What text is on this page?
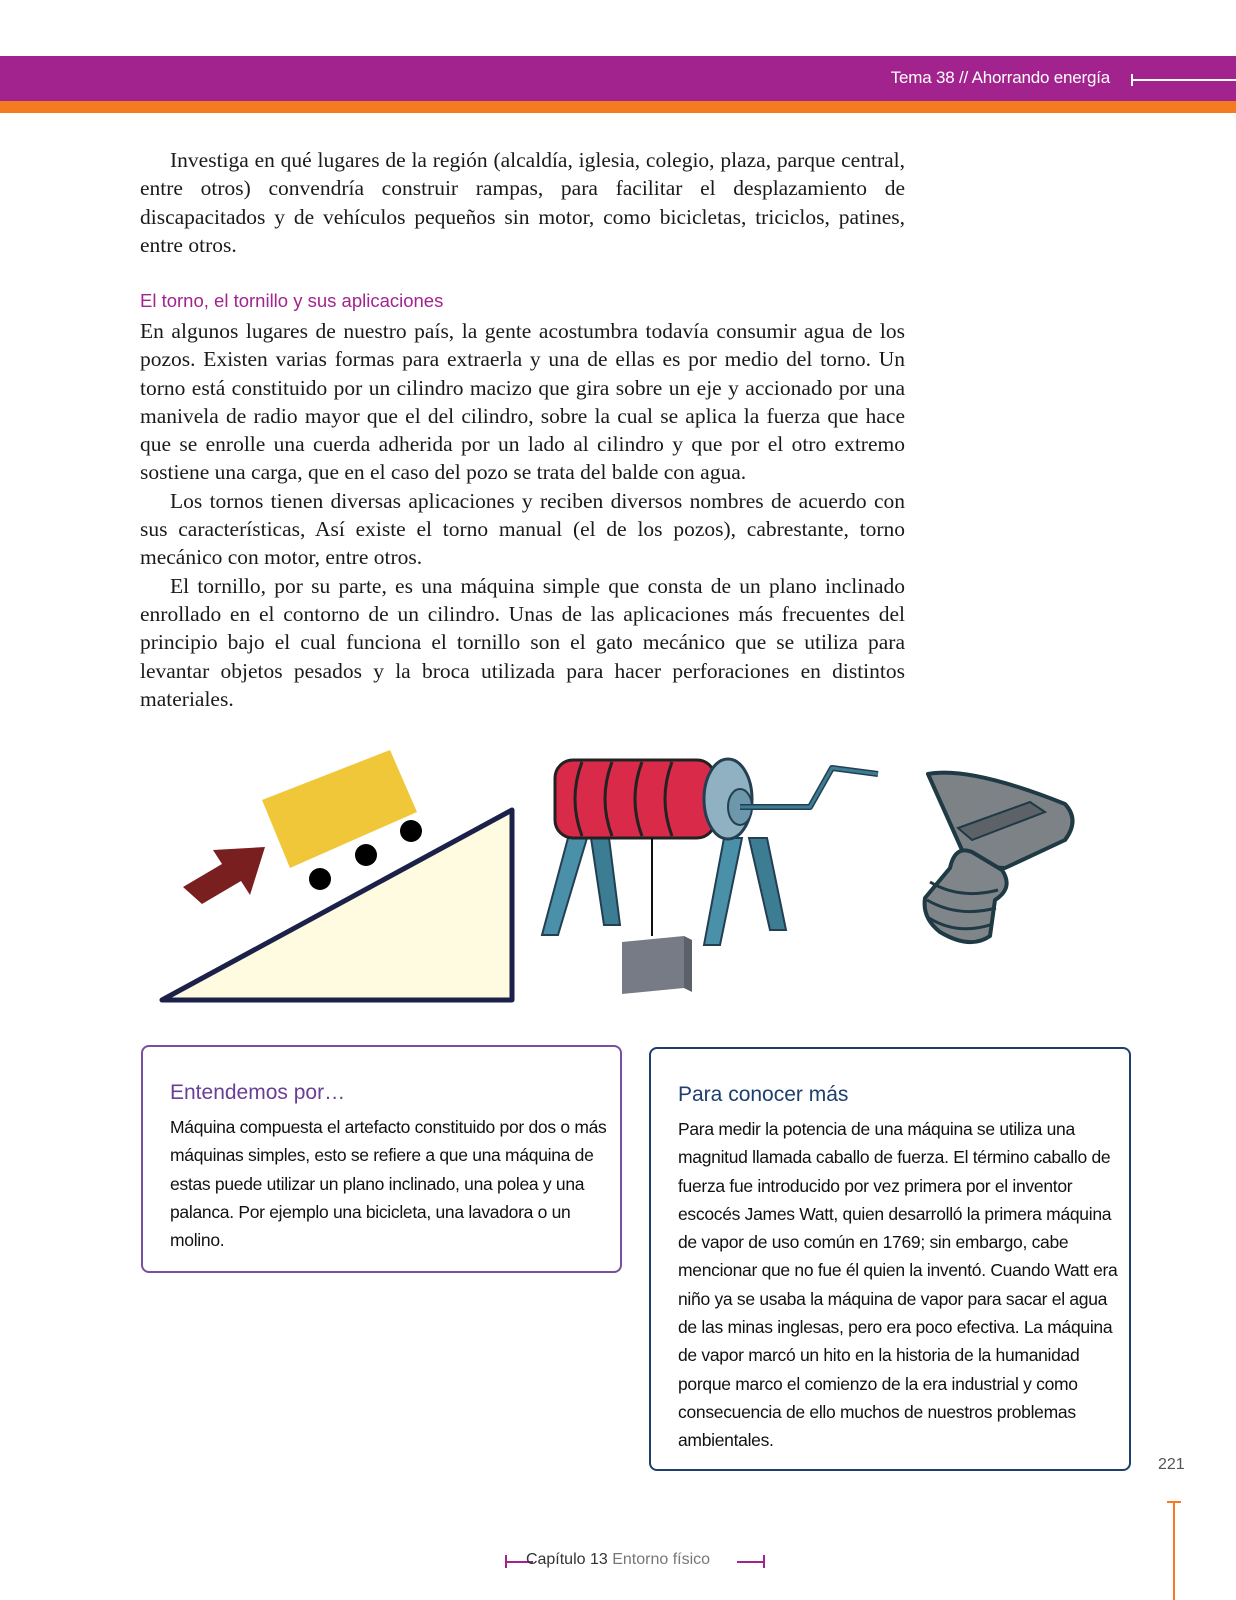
Tema 38 // Ahorrando energía

Investiga en qué lugares de la región (alcaldía, iglesia, colegio, plaza, parque central, entre otros) convendría construir rampas, para facilitar el desplazamiento de discapacitados y de vehículos pequeños sin motor, como bicicletas, triciclos, patines, entre otros.

El torno, el tornillo y sus aplicaciones

En algunos lugares de nuestro país, la gente acostumbra todavía consumir agua de los pozos. Existen varias formas para extraerla y una de ellas es por medio del torno. Un torno está constituido por un cilindro macizo que gira sobre un eje y accionado por una manivela de radio mayor que el del cilindro, sobre la cual se aplica la fuerza que hace que se enrolle una cuerda adherida por un lado al cilindro y que por el otro extremo sostiene una carga, que en el caso del pozo se trata del balde con agua.

Los tornos tienen diversas aplicaciones y reciben diversos nombres de acuerdo con sus características, Así existe el torno manual (el de los pozos), cabrestante, torno mecánico con motor, entre otros.

El tornillo, por su parte, es una máquina simple que consta de un plano inclinado enrollado en el contorno de un cilindro. Unas de las aplicaciones más frecuentes del principio bajo el cual funciona el tornillo son el gato mecánico que se utiliza para levantar objetos pesados y la broca utilizada para hacer perforaciones en distintos materiales.

Entendemos por…
Máquina compuesta el artefacto constituido por dos o más máquinas simples, esto se refiere a que una máquina de estas puede utilizar un plano inclinado, una polea y una palanca. Por ejemplo una bicicleta, una lavadora o un molino.
Para conocer más
Para medir la potencia de una máquina se utiliza una magnitud llamada caballo de fuerza. El término caballo de fuerza fue introducido por vez primera por el inventor escocés James Watt, quien desarrolló la primera máquina de vapor de uso común en 1769; sin embargo, cabe mencionar que no fue él quien la inventó. Cuando Watt era niño ya se usaba la máquina de vapor para sacar el agua de las minas inglesas, pero era poco efectiva. La máquina de vapor marcó un hito en la historia de la humanidad porque marco el comienzo de la era industrial y como consecuencia de ello muchos de nuestros problemas ambientales.
221
Capítulo 13 Entorno físico
